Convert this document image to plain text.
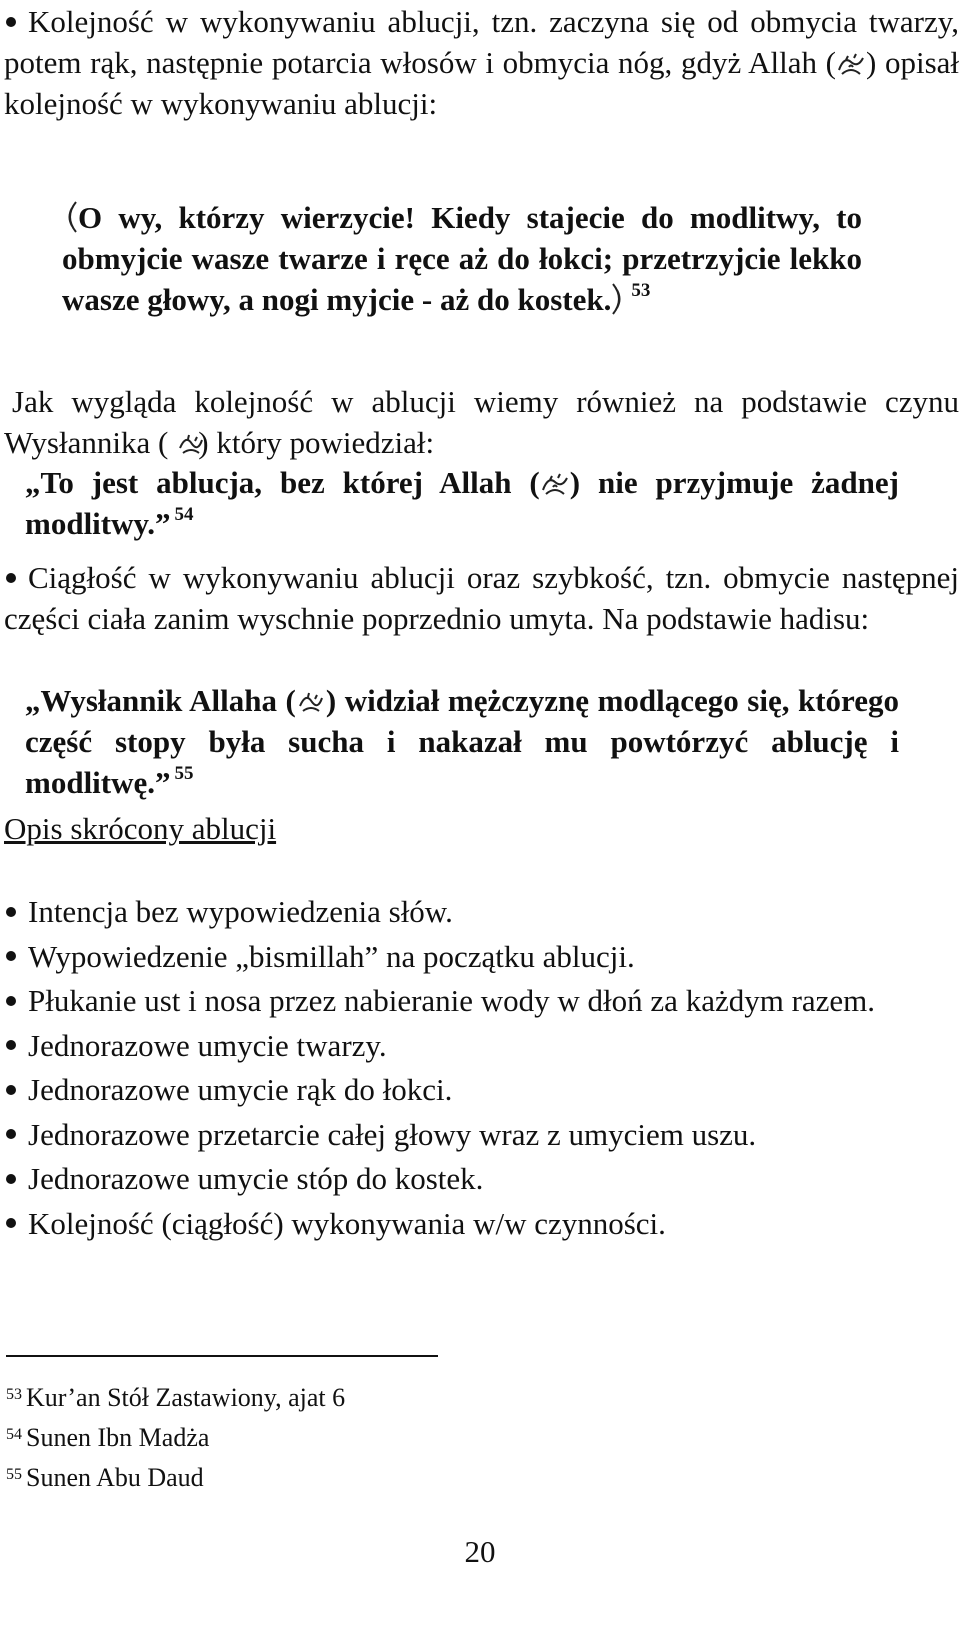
Kolejność w wykonywaniu ablucji, tzn. zaczyna się od obmycia twarzy, potem rąk, następnie potarcia włosów i obmycia nóg, gdyż Allah ( ) opisał kolejność w wykonywaniu ablucji:
O wy, którzy wierzycie! Kiedy stajecie do modlitwy, to obmyjcie wasze twarze i ręce aż do łokci; przetrzyjcie lekko wasze głowy, a nogi myjcie - aż do kostek. $^{53}$
Jak wygląda kolejność w ablucji wiemy również na podstawie czynu Wysłannika ( ) który powiedział:
„To jest ablucja, bez której Allah ( ) nie przyjmuje żadnej modlitwy.” $^{54}$
Ciągłość w wykonywaniu ablucji oraz szybkość, tzn. obmycie następnej części ciała zanim wyschnie poprzednio umyta. Na podstawie hadisu:
„Wysłannik Allaha ( ) widział mężczyznę modlącego się, którego część stopy była sucha i nakazał mu powtórzyć ablucję i modlitwę.” $^{55}$
Opis skrócony ablucji
Intencja bez wypowiedzenia słów.
Wypowiedzenie „bismillah” na początku ablucji.
Płukanie ust i nosa przez nabieranie wody w dłoń za każdym razem.
Jednorazowe umycie twarzy.
Jednorazowe umycie rąk do łokci.
Jednorazowe przetarcie całej głowy wraz z umyciem uszu.
Jednorazowe umycie stóp do kostek.
Kolejność (ciągłość) wykonywania w/w czynności.
$^{53}$ Kur’an Stół Zastawiony, ajat 6
$^{54}$ Sunen Ibn Madża
$^{55}$ Sunen Abu Daud
20
